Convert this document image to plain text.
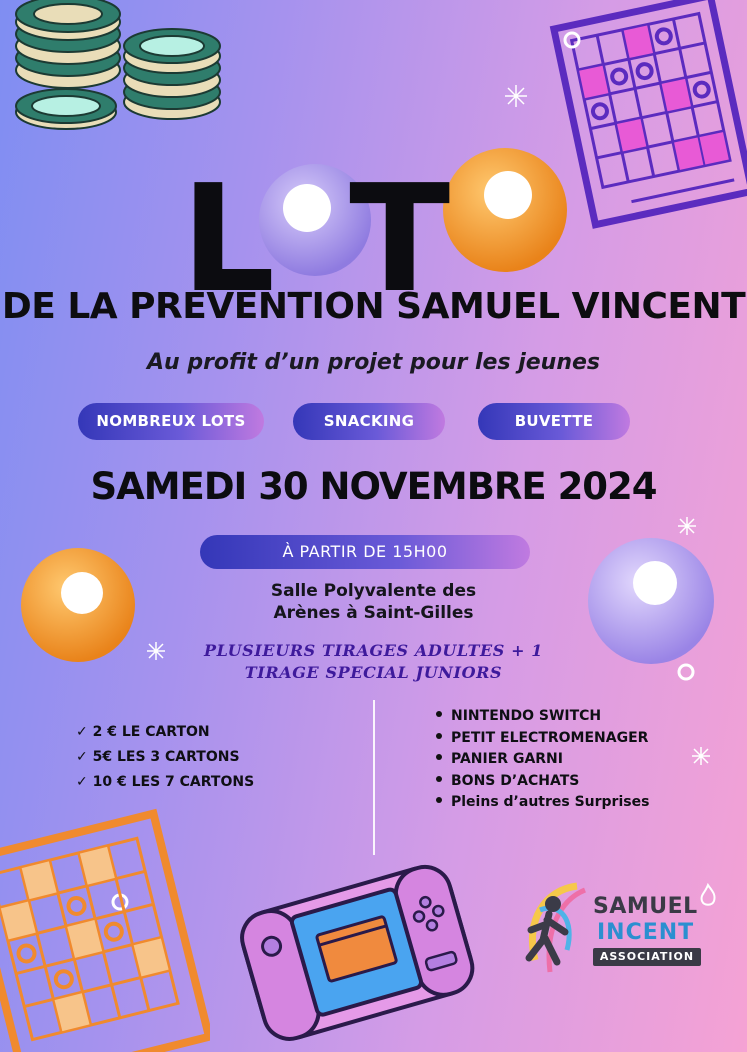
L T
DE LA PREVENTION SAMUEL VINCENT
Au profit d’un projet pour les jeunes
NOMBREUX LOTS	SNACKING	BUVETTE
SAMEDI 30 NOVEMBRE 2024
À PARTIR DE 15H00
Salle Polyvalente des
Arènes à Saint-Gilles
PLUSIEURS TIRAGES ADULTES + 1
TIRAGE SPECIAL JUNIORS
✓ 2 € LE CARTON
✓ 5€ LES 3 CARTONS
✓ 10 € LES 7 CARTONS
NINTENDO SWITCH
PETIT ELECTROMENAGER
PANIER GARNI
BONS D’ACHATS
Pleins d’autres Surprises
SAMUEL
INCENT
ASSOCIATION
